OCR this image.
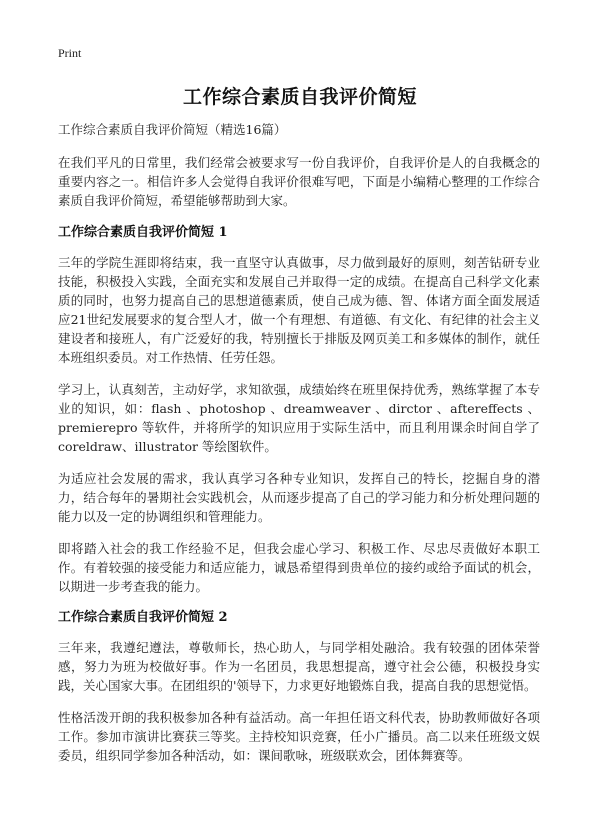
Print
工作综合素质自我评价简短

工作综合素质自我评价简短（精选16篇）

在我们平凡的日常里，我们经常会被要求写一份自我评价，自我评价是人的自我概念的重要内容之一。相信许多人会觉得自我评价很难写吧，下面是小编精心整理的工作综合素质自我评价简短，希望能够帮助到大家。

工作综合素质自我评价简短 1

三年的学院生涯即将结束，我一直坚守认真做事，尽力做到最好的原则，刻苦钻研专业技能，积极投入实践，全面充实和发展自己并取得一定的成绩。在提高自己科学文化素质的同时，也努力提高自己的思想道德素质，使自己成为德、智、体诸方面全面发展适应21世纪发展要求的复合型人才，做一个有理想、有道德、有文化、有纪律的社会主义建设者和接班人，有广泛爱好的我，特别擅长于排版及网页美工和多媒体的制作，就任本班组织委员。对工作热情、任劳任怨。

学习上，认真刻苦，主动好学，求知欲强，成绩始终在班里保持优秀，熟练掌握了本专业的知识，如：flash 、photoshop 、dreamweaver 、dirctor 、aftereffects 、premierepro 等软件，并将所学的知识应用于实际生活中，而且利用课余时间自学了 coreldraw、illustrator 等绘图软件。

为适应社会发展的需求，我认真学习各种专业知识，发挥自己的特长，挖掘自身的潜力，结合每年的暑期社会实践机会，从而逐步提高了自己的学习能力和分析处理问题的能力以及一定的协调组织和管理能力。

即将踏入社会的我工作经验不足，但我会虚心学习、积极工作、尽忠尽责做好本职工作。有着较强的接受能力和适应能力，诚恳希望得到贵单位的接约或给予面试的机会，以期进一步考查我的能力。

工作综合素质自我评价简短 2

三年来，我遵纪遵法，尊敬师长，热心助人，与同学相处融洽。我有较强的团体荣誉感，努力为班为校做好事。作为一名团员，我思想提高，遵守社会公德，积极投身实践，关心国家大事。在团组织的'领导下，力求更好地锻炼自我，提高自我的思想觉悟。

性格活泼开朗的我积极参加各种有益活动。高一年担任语文科代表，协助教师做好各项工作。参加市演讲比赛获三等奖。主持校知识竞赛，任小广播员。高二以来任班级文娱委员，组织同学参加各种活动，如：课间歌咏，班级联欢会，团体舞赛等。
